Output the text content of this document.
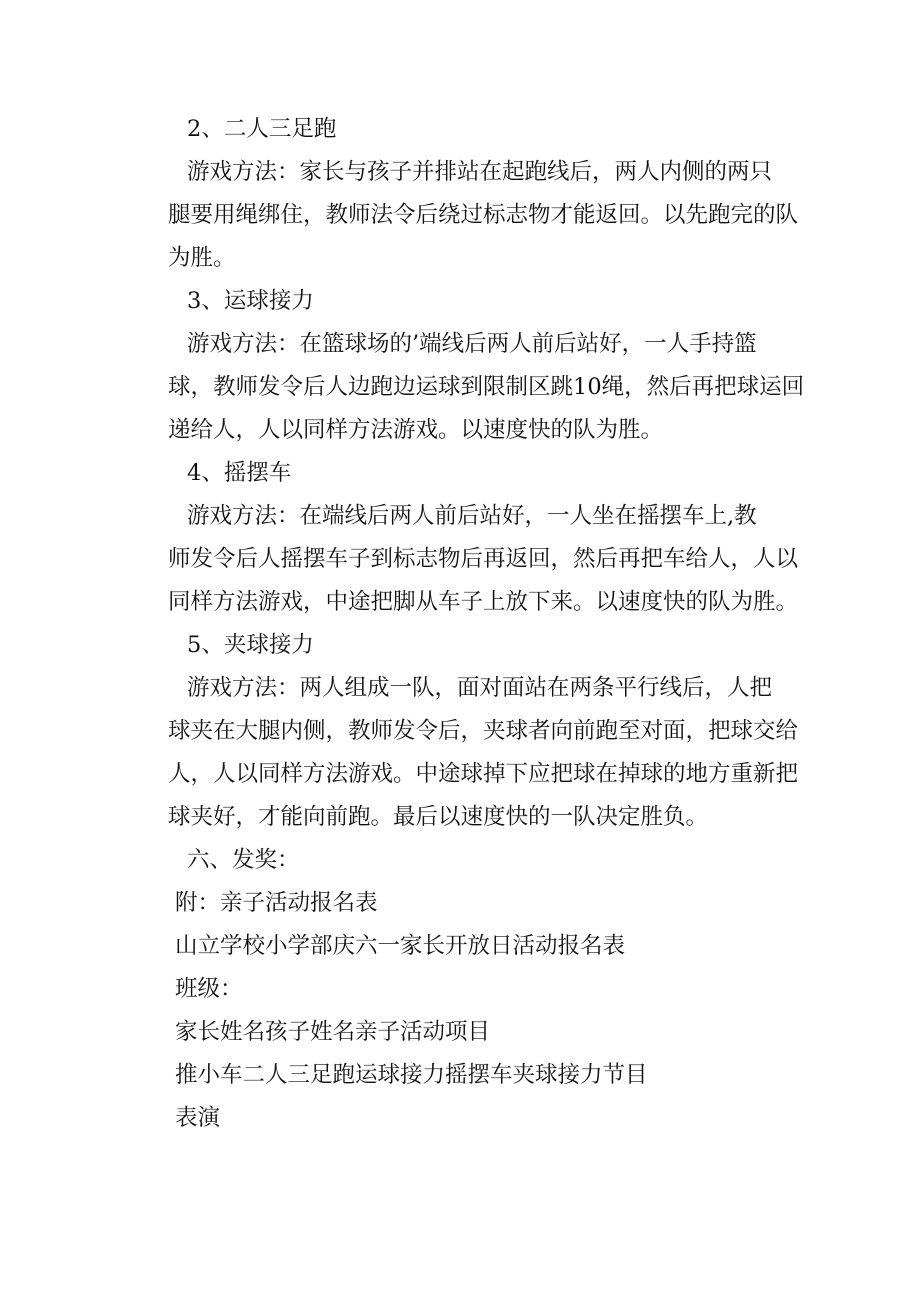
2、二人三足跑
游戏方法：家长与孩子并排站在起跑线后，两人内侧的两只
腿要用绳绑住，教师法令后绕过标志物才能返回。以先跑完的队
为胜。
3、运球接力
游戏方法：在篮球场的’端线后两人前后站好，一人手持篮
球，教师发令后人边跑边运球到限制区跳10绳，然后再把球运回
递给人，人以同样方法游戏。以速度快的队为胜。
4、摇摆车
游戏方法：在端线后两人前后站好，一人坐在摇摆车上,教
师发令后人摇摆车子到标志物后再返回，然后再把车给人，人以
同样方法游戏，中途把脚从车子上放下来。以速度快的队为胜。
5、夹球接力
游戏方法：两人组成一队，面对面站在两条平行线后，人把
球夹在大腿内侧，教师发令后，夹球者向前跑至对面，把球交给
人，人以同样方法游戏。中途球掉下应把球在掉球的地方重新把
球夹好，才能向前跑。最后以速度快的一队决定胜负。
六、发奖：
附：亲子活动报名表
山立学校小学部庆六一家长开放日活动报名表
班级：
家长姓名孩子姓名亲子活动项目
推小车二人三足跑运球接力摇摆车夹球接力节目
表演
